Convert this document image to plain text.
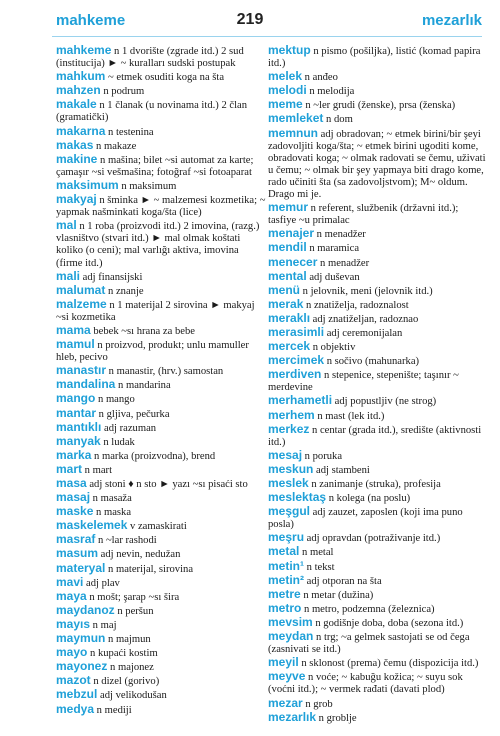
mahkeme	219	mezarlık

mahkeme n 1 dvorište (zgrade itd.) 2 sud (institucija) ► ~ kuralları sudski postupak

mahkum ~ etmek osuditi koga na šta

mahzen n podrum

makale n 1 članak (u novinama itd.) 2 član (gramatički)

makarna n testenina

makas n makaze

makine n mašina; bilet ~si automat za karte; çamaşır ~si vešmašina; fotoğraf ~si fotoaparat

maksimum n maksimum

makyaj n šminka ► ~ malzemesi kozmetika; ~ yapmak našminkati koga/šta (lice)

mal n 1 roba (proizvodi itd.) 2 imovina, (razg.) vlasništvo (stvari itd.) ► mal olmak koštati koliko (o ceni); mal varlığı aktiva, imovina (firme itd.)

mali adj finansijski

malumat n znanje

malzeme n 1 materijal 2 sirovina ► makyaj ~si kozmetika

mama bebek ~sı hrana za bebe

mamul n proizvod, produkt; unlu mamuller hleb, pecivo

manastır n manastir, (hrv.) samostan

mandalina n mandarina

mango n mango

mantar n gljiva, pečurka

mantıklı adj razuman

manyak n ludak

marka n marka (proizvodna), brend

mart n mart

masa adj stoni ♦ n sto ► yazı ~sı pisaći sto

masaj n masaža

maske n maska

maskelemek v zamaskirati

masraf n ~lar rashodi

masum adj nevin, nedužan

materyal n materijal, sirovina

mavi adj plav

maya n mošt; şarap ~sı šira

maydanoz n peršun

mayıs n maj

maymun n majmun

mayo n kupaći kostim

mayonez n majonez

mazot n dizel (gorivo)

mebzul adj velikodušan

medya n mediji

mektup n pismo (pošiljka), listić (komad papira itd.)

melek n anđeo

melodi n melodija

meme n ~ler grudi (ženske), prsa (ženska)

memleket n dom

memnun adj obradovan; ~ etmek birini/bir şeyi zadovoljiti koga/šta; ~ etmek birini ugoditi kome, obradovati koga; ~ olmak radovati se čemu, uživati u čemu; ~ olmak bir şey yapmaya biti drago kome, rado učiniti šta (sa zadovoljstvom); M~ oldum. Drago mi je.

memur n referent, službenik (državni itd.); tasfiye ~u primalac

menajer n menadžer

mendil n maramica

menecer n menadžer

mental adj duševan

menü n jelovnik, meni (jelovnik itd.)

merak n znatiželja, radoznalost

meraklı adj znatiželjan, radoznao

merasimli adj ceremonijalan

mercek n objektiv

mercimek n sočivo (mahunarka)

merdiven n stepenice, stepenište; taşınır ~ merdevine

merhametli adj popustljiv (ne strog)

merhem n mast (lek itd.)

merkez n centar (grada itd.), središte (aktivnosti itd.)

mesaj n poruka

meskun adj stambeni

meslek n zanimanje (struka), profesija

meslektaş n kolega (na poslu)

meşgul adj zauzet, zaposlen (koji ima puno posla)

meşru adj opravdan (potraživanje itd.)

metal n metal

metin¹ n tekst

metin² adj otporan na šta

metre n metar (dužina)

metro n metro, podzemna (železnica)

mevsim n godišnje doba, doba (sezona itd.)

meydan n trg; ~a gelmek sastojati se od čega (zasnivati se itd.)

meyil n sklonost (prema) čemu (dispozicija itd.)

meyve n voće; ~ kabuğu kožica; ~ suyu sok (voćni itd.); ~ vermek rađati (davati plod)

mezar n grob

mezarlık n groblje
